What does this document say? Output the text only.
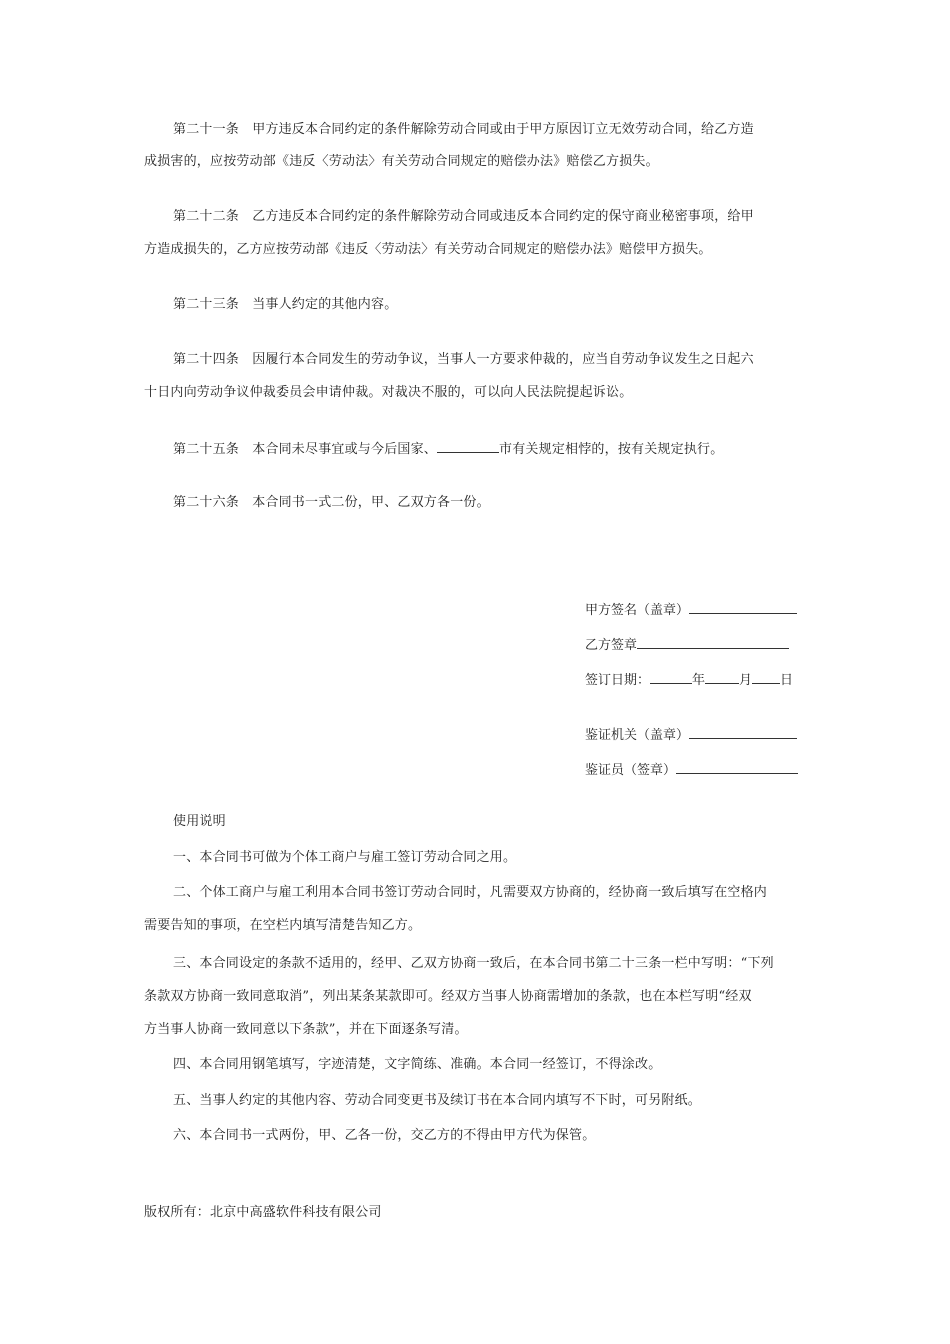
第二十一条　甲方违反本合同约定的条件解除劳动合同或由于甲方原因订立无效劳动合同，给乙方造
成损害的，应按劳动部《违反〈劳动法〉有关劳动合同规定的赔偿办法》赔偿乙方损失。
第二十二条　乙方违反本合同约定的条件解除劳动合同或违反本合同约定的保守商业秘密事项，给甲
方造成损失的，乙方应按劳动部《违反〈劳动法〉有关劳动合同规定的赔偿办法》赔偿甲方损失。
第二十三条　当事人约定的其他内容。
第二十四条　因履行本合同发生的劳动争议，当事人一方要求仲裁的，应当自劳动争议发生之日起六
十日内向劳动争议仲裁委员会申请仲裁。对裁决不服的，可以向人民法院提起诉讼。
第二十五条　本合同未尽事宜或与今后国家、	市有关规定相悖的，按有关规定执行。
第二十六条　本合同书一式二份，甲、乙双方各一份。
甲方签名（盖章）
乙方签章
签订日期：	年	月 日
鉴证机关（盖章）
鉴证员（签章）
使用说明
一、本合同书可做为个体工商户与雇工签订劳动合同之用。
二、个体工商户与雇工利用本合同书签订劳动合同时，凡需要双方协商的，经协商一致后填写在空格内
需要告知的事项，在空栏内填写清楚告知乙方。
三、本合同设定的条款不适用的，经甲、乙双方协商一致后，在本合同书第二十三条一栏中写明：“下列
条款双方协商一致同意取消”，列出某条某款即可。经双方当事人协商需增加的条款，也在本栏写明“经双
方当事人协商一致同意以下条款”，并在下面逐条写清。
四、本合同用钢笔填写，字迹清楚，文字简练、准确。本合同一经签订，不得涂改。
五、当事人约定的其他内容、劳动合同变更书及续订书在本合同内填写不下时，可另附纸。
六、本合同书一式两份，甲、乙各一份，交乙方的不得由甲方代为保管。
版权所有：北京中高盛软件科技有限公司
